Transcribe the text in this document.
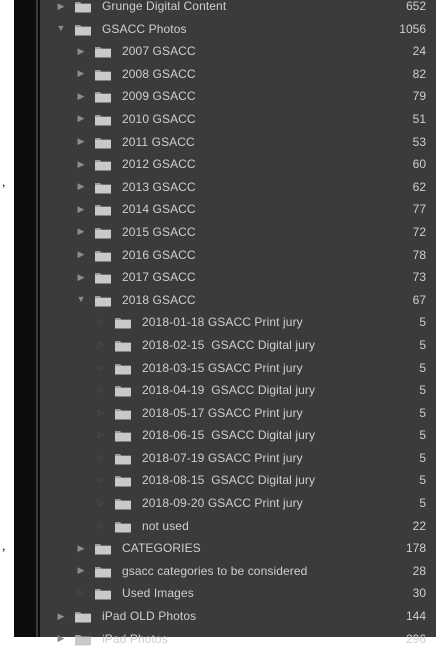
,
,
▶	Grunge Digital Content	652
▼	GSACC Photos	1056
▶	2007 GSACC	24
▶	2008 GSACC	82
▶	2009 GSACC	79
▶	2010 GSACC	51
▶	2011 GSACC	53
▶	2012 GSACC	60
▶	2013 GSACC	62
▶	2014 GSACC	77
▶	2015 GSACC	72
▶	2016 GSACC	78
▶	2017 GSACC	73
▼	2018 GSACC	67
▷	2018-01-18 GSACC Print jury	5
▷	2018-02-15  GSACC Digital jury	5
▷	2018-03-15 GSACC Print jury	5
▷	2018-04-19  GSACC Digital jury	5
▷	2018-05-17 GSACC Print jury	5
▷	2018-06-15  GSACC Digital jury	5
▷	2018-07-19 GSACC Print jury	5
▷	2018-08-15  GSACC Digital jury	5
▷	2018-09-20 GSACC Print jury	5
▷	not used	22
▶	CATEGORIES	178
▶	gsacc categories to be considered	28
▷	Used Images	30
▶	iPad OLD Photos	144
▶	iPad Photos	296
